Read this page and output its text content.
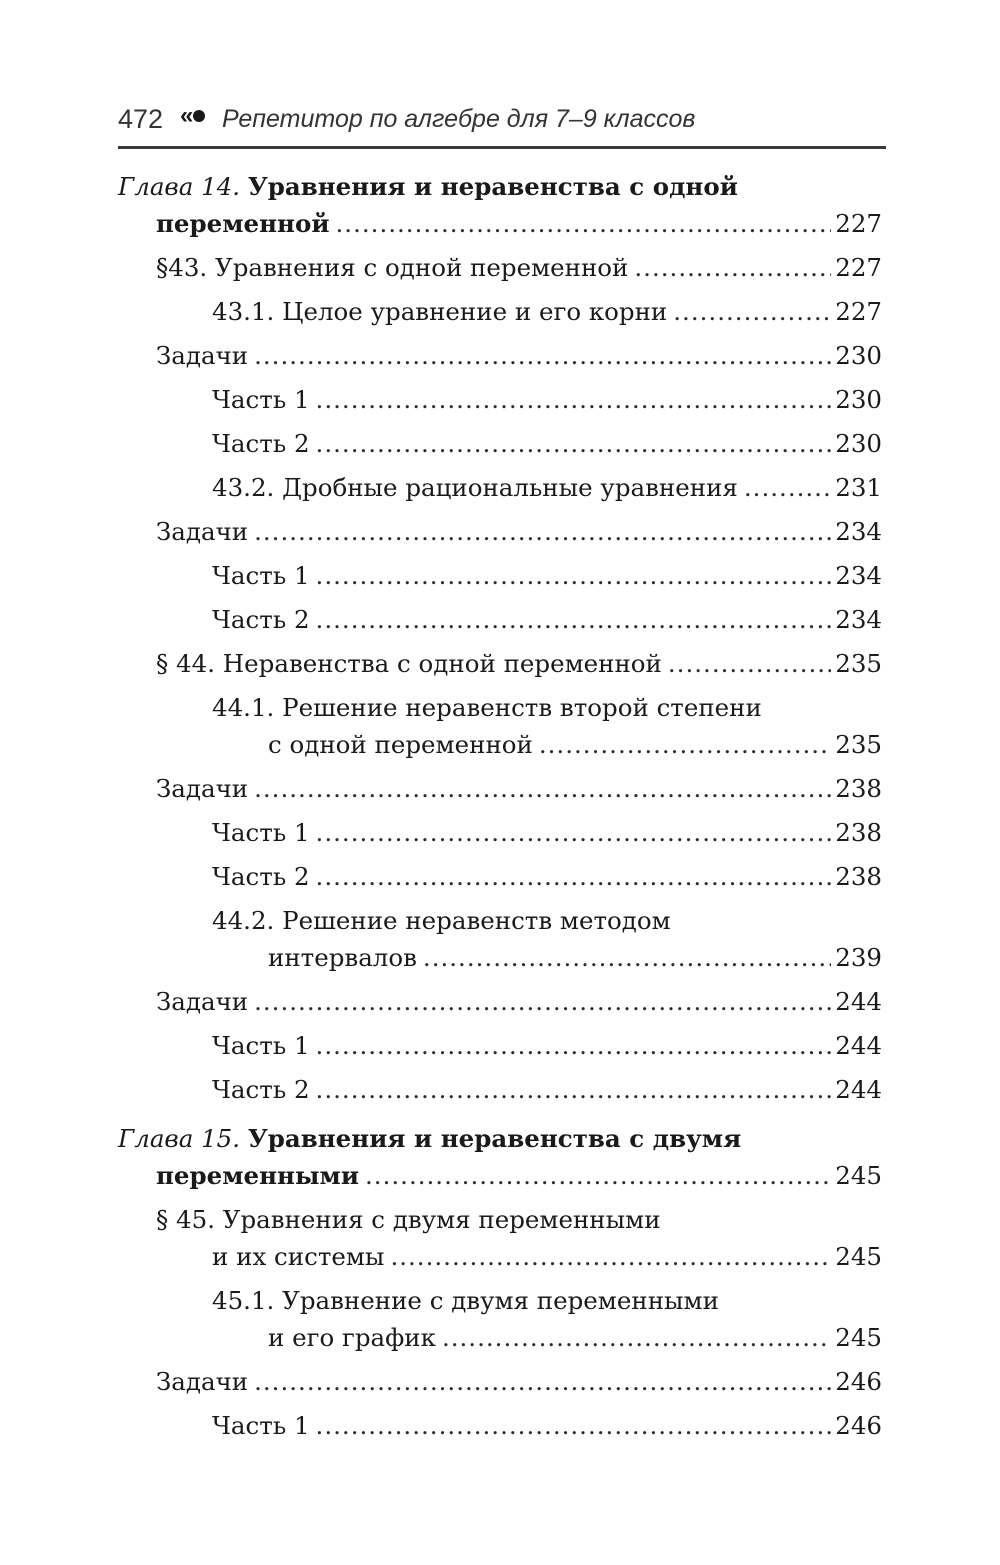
472 «	Репетитор по алгебре для 7–9 классов
Глава 14. Уравнения и неравенства с одной
переменной .....	227
§43. Уравнения с одной переменной .....	227
43.1. Целое уравнение и его корни .....	227
Задачи .....	230
Часть 1 .....	230
Часть 2 .....	230
43.2. Дробные рациональные уравнения .....	231
Задачи .....	234
Часть 1 .....	234
Часть 2 .....	234
§ 44. Неравенства с одной переменной .....	235
44.1. Решение неравенств второй степени
с одной переменной .....	235
Задачи .....	238
Часть 1 .....	238
Часть 2 .....	238
44.2. Решение неравенств методом
интервалов .....	239
Задачи .....	244
Часть 1 .....	244
Часть 2 .....	244
Глава 15. Уравнения и неравенства с двумя
переменными .....	245
§ 45. Уравнения с двумя переменными
и их системы .....	245
45.1. Уравнение с двумя переменными
и его график .....	245
Задачи .....	246
Часть 1 .....	246
